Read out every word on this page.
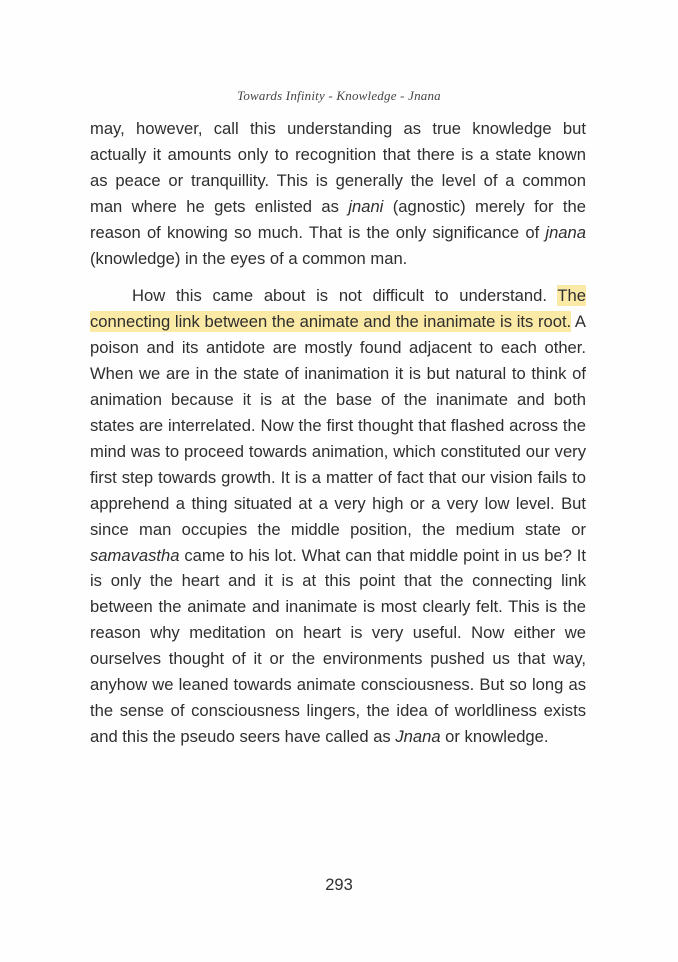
Towards Infinity - Knowledge - Jnana

may, however, call this understanding as true knowledge but actually it amounts only to recognition that there is a state known as peace or tranquillity. This is generally the level of a common man where he gets enlisted as jnani (agnostic) merely for the reason of knowing so much. That is the only significance of jnana (knowledge) in the eyes of a common man.

How this came about is not difficult to understand. The connecting link between the animate and the inanimate is its root. A poison and its antidote are mostly found adjacent to each other. When we are in the state of inanimation it is but natural to think of animation because it is at the base of the inanimate and both states are interrelated. Now the first thought that flashed across the mind was to proceed towards animation, which constituted our very first step towards growth. It is a matter of fact that our vision fails to apprehend a thing situated at a very high or a very low level. But since man occupies the middle position, the medium state or samavastha came to his lot. What can that middle point in us be? It is only the heart and it is at this point that the connecting link between the animate and inanimate is most clearly felt. This is the reason why meditation on heart is very useful. Now either we ourselves thought of it or the environments pushed us that way, anyhow we leaned towards animate consciousness. But so long as the sense of consciousness lingers, the idea of worldliness exists and this the pseudo seers have called as Jnana or knowledge.

293
